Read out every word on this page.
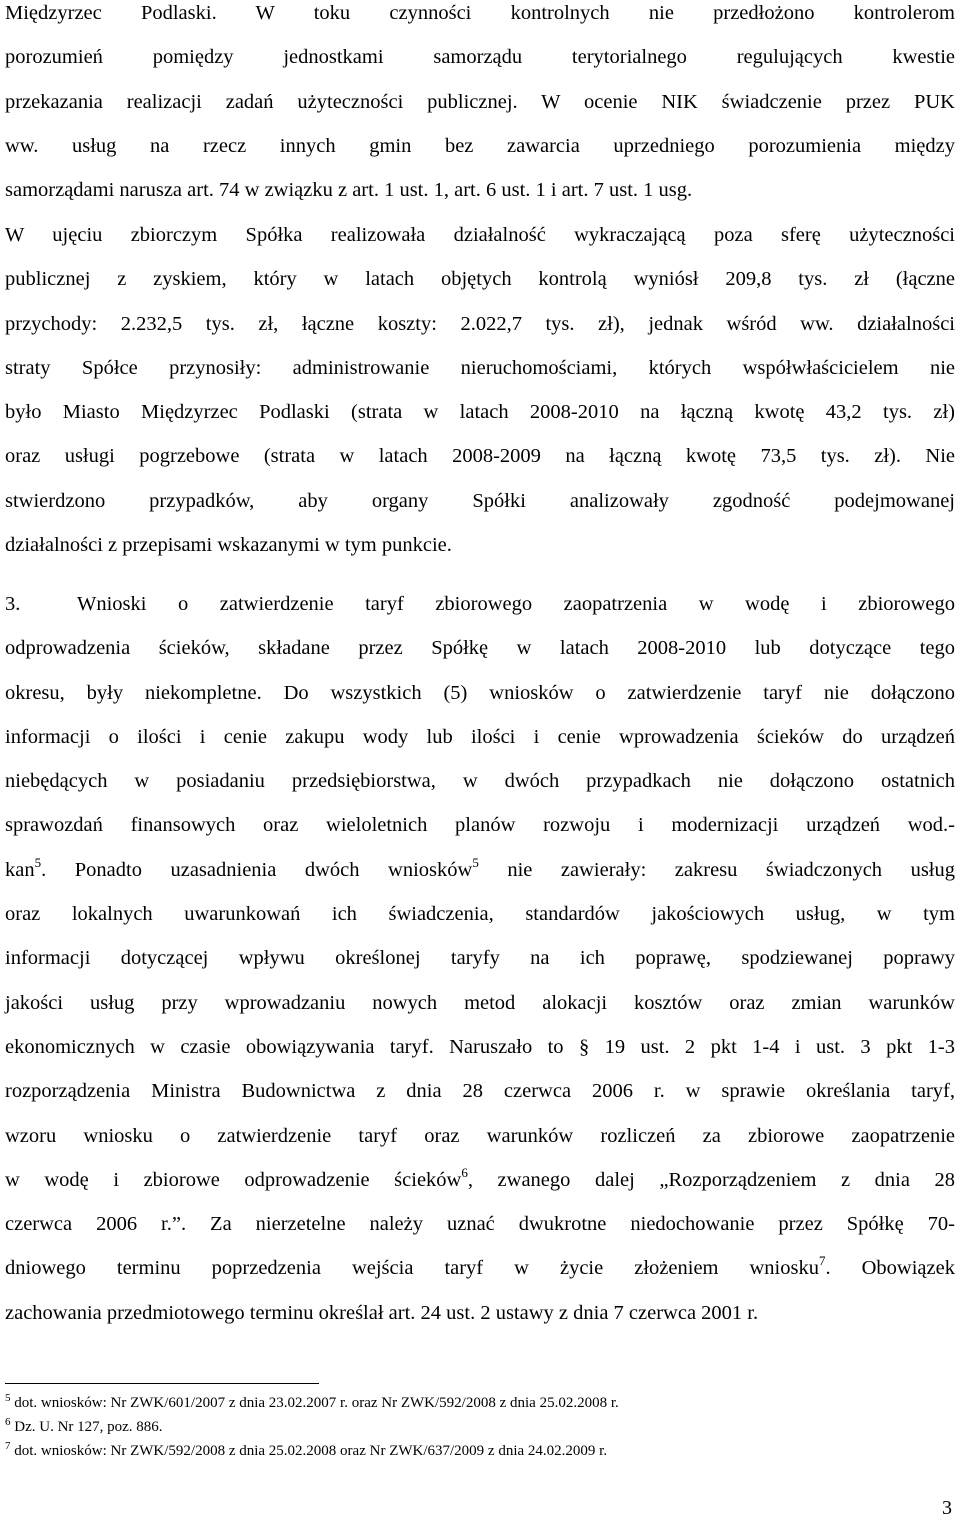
Międzyrzec Podlaski. W toku czynności kontrolnych nie przedłożono kontrolerom
porozumień pomiędzy jednostkami samorządu terytorialnego regulujących kwestie
przekazania realizacji zadań użyteczności publicznej. W ocenie NIK świadczenie przez PUK
ww. usług na rzecz innych gmin bez zawarcia uprzedniego porozumienia między
samorządami narusza art. 74 w związku z art. 1 ust. 1, art. 6 ust. 1 i art. 7 ust. 1 usg.
W ujęciu zbiorczym Spółka realizowała działalność wykraczającą poza sferę użyteczności
publicznej z zyskiem, który w latach objętych kontrolą wyniósł 209,8 tys. zł (łączne
przychody: 2.232,5 tys. zł, łączne koszty: 2.022,7 tys. zł), jednak wśród ww. działalności
straty Spółce przynosiły: administrowanie nieruchomościami, których współwłaścicielem nie
było Miasto Międzyrzec Podlaski (strata w latach 2008-2010 na łączną kwotę 43,2 tys. zł)
oraz usługi pogrzebowe (strata w latach 2008-2009 na łączną kwotę 73,5 tys. zł). Nie
stwierdzono przypadków, aby organy Spółki analizowały zgodność podejmowanej
działalności z przepisami wskazanymi w tym punkcie.
3.	Wnioski o zatwierdzenie taryf zbiorowego zaopatrzenia w wodę i zbiorowego
odprowadzenia ścieków, składane przez Spółkę w latach 2008-2010 lub dotyczące tego
okresu, były niekompletne. Do wszystkich (5) wniosków o zatwierdzenie taryf nie dołączono
informacji o ilości i cenie zakupu wody lub ilości i cenie wprowadzenia ścieków do urządzeń
niebędących w posiadaniu przedsiębiorstwa, w dwóch przypadkach nie dołączono ostatnich
sprawozdań finansowych oraz wieloletnich planów rozwoju i modernizacji urządzeń wod.-
kan$^5$. Ponadto uzasadnienia dwóch wniosków$^5$ nie zawierały: zakresu świadczonych usług
oraz lokalnych uwarunkowań ich świadczenia, standardów jakościowych usług, w tym
informacji dotyczącej wpływu określonej taryfy na ich poprawę, spodziewanej poprawy
jakości usług przy wprowadzaniu nowych metod alokacji kosztów oraz zmian warunków
ekonomicznych w czasie obowiązywania taryf. Naruszało to § 19 ust. 2 pkt 1-4 i ust. 3 pkt 1-3
rozporządzenia Ministra Budownictwa z dnia 28 czerwca 2006 r. w sprawie określania taryf,
wzoru wniosku o zatwierdzenie taryf oraz warunków rozliczeń za zbiorowe zaopatrzenie
w wodę i zbiorowe odprowadzenie ścieków$^6$, zwanego dalej „Rozporządzeniem z dnia 28
czerwca 2006 r.”. Za nierzetelne należy uznać dwukrotne niedochowanie przez Spółkę 70-
dniowego terminu poprzedzenia wejścia taryf w życie złożeniem wniosku$^7$. Obowiązek
zachowania przedmiotowego terminu określał art. 24 ust. 2 ustawy z dnia 7 czerwca 2001 r.
$^5$ dot. wniosków: Nr ZWK/601/2007 z dnia 23.02.2007 r. oraz Nr ZWK/592/2008 z dnia 25.02.2008 r.
$^6$ Dz. U. Nr 127, poz. 886.
$^7$ dot. wniosków: Nr ZWK/592/2008 z dnia 25.02.2008 oraz Nr ZWK/637/2009 z dnia 24.02.2009 r.
3
